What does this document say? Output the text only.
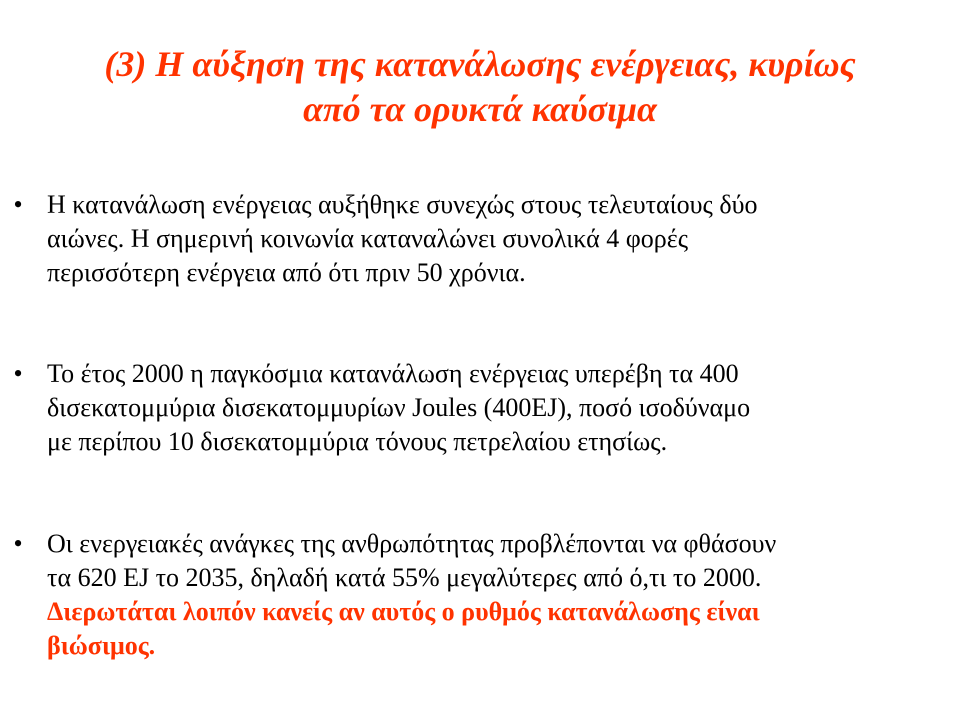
(3) Η αύξηση της κατανάλωσης ενέργειας, κυρίως
από τα ορυκτά καύσιμα
• Η κατανάλωση ενέργειας αυξήθηκε συνεχώς στους τελευταίους δύο
αιώνες. Η σημερινή κοινωνία καταναλώνει συνολικά 4 φορές
περισσότερη ενέργεια από ότι πριν 50 χρόνια.
• Το έτος 2000 η παγκόσμια κατανάλωση ενέργειας υπερέβη τα 400
δισεκατομμύρια δισεκατομμυρίων Joules (400EJ), ποσό ισοδύναμο
με περίπου 10 δισεκατομμύρια τόνους πετρελαίου ετησίως.
• Οι ενεργειακές ανάγκες της ανθρωπότητας προβλέπονται να φθάσουν
τα 620 EJ το 2035, δηλαδή κατά 55% μεγαλύτερες από ό,τι το 2000.
Διερωτάται λοιπόν κανείς αν αυτός ο ρυθμός κατανάλωσης είναι
βιώσιμος.
